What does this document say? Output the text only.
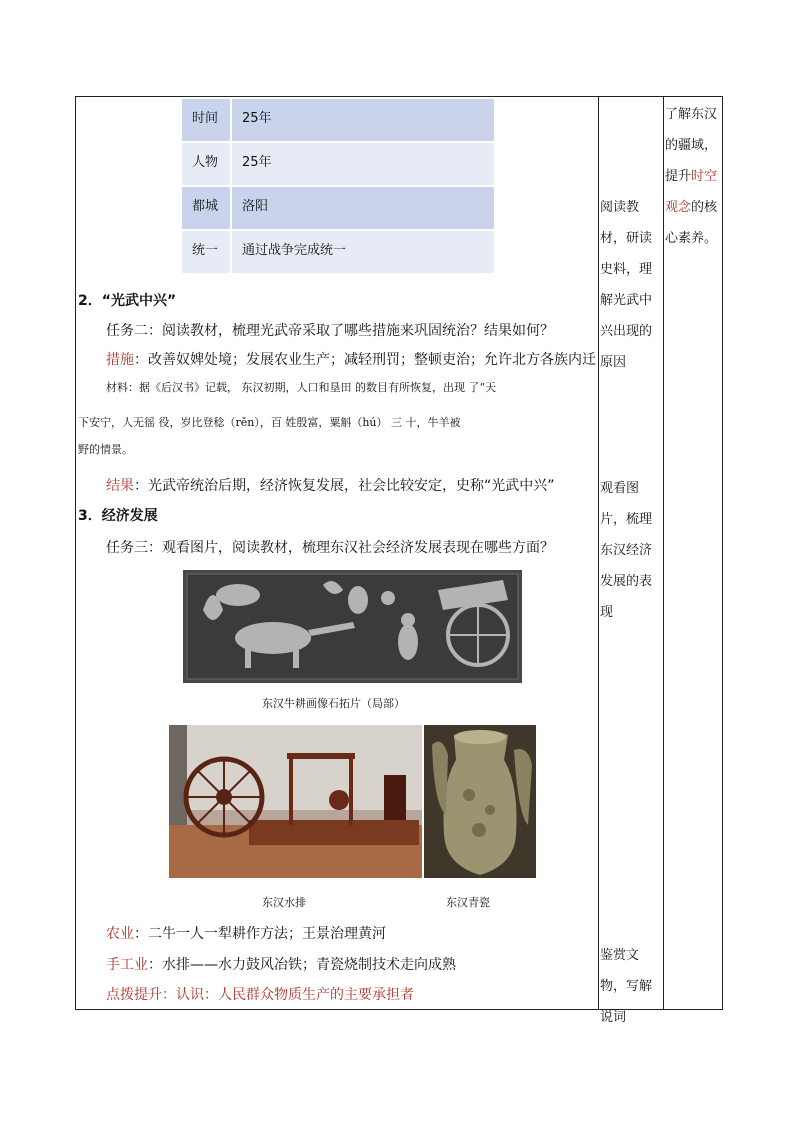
时间	25年
人物	25年
都城	洛阳
统一	通过战争完成统一
2．“光武中兴”
任务二：阅读教材，梳理光武帝采取了哪些措施来巩固统治？结果如何？
措施：改善奴婢处境；发展农业生产；减轻刑罚；整顿吏治；允许北方各族内迁
材料：据《后汉书》记载， 东汉初期，人口和垦田 的数目有所恢复，出现 了“天
下安宁，人无徭 役，岁比登稔（rěn），百 姓殷富，粟斛（hú） 三 十，牛羊被
野的情景。
结果：光武帝统治后期，经济恢复发展，社会比较安定，史称“光武中兴”
3．经济发展
任务三：观看图片，阅读教材，梳理东汉社会经济发展表现在哪些方面？
东汉牛耕画像石拓片（局部）
东汉水排	东汉青瓷
农业：二牛一人一犁耕作方法；王景治理黄河
手工业：水排——水力鼓风冶铁；青瓷烧制技术走向成熟
点拨提升：认识：人民群众物质生产的主要承担者
阅读教材，研读史料，理解光武中兴出现的原因
观看图片，梳理东汉经济发展的表现
鉴赏文物，写解说词
了解东汉的疆域，提升时空观念的核心素养。
